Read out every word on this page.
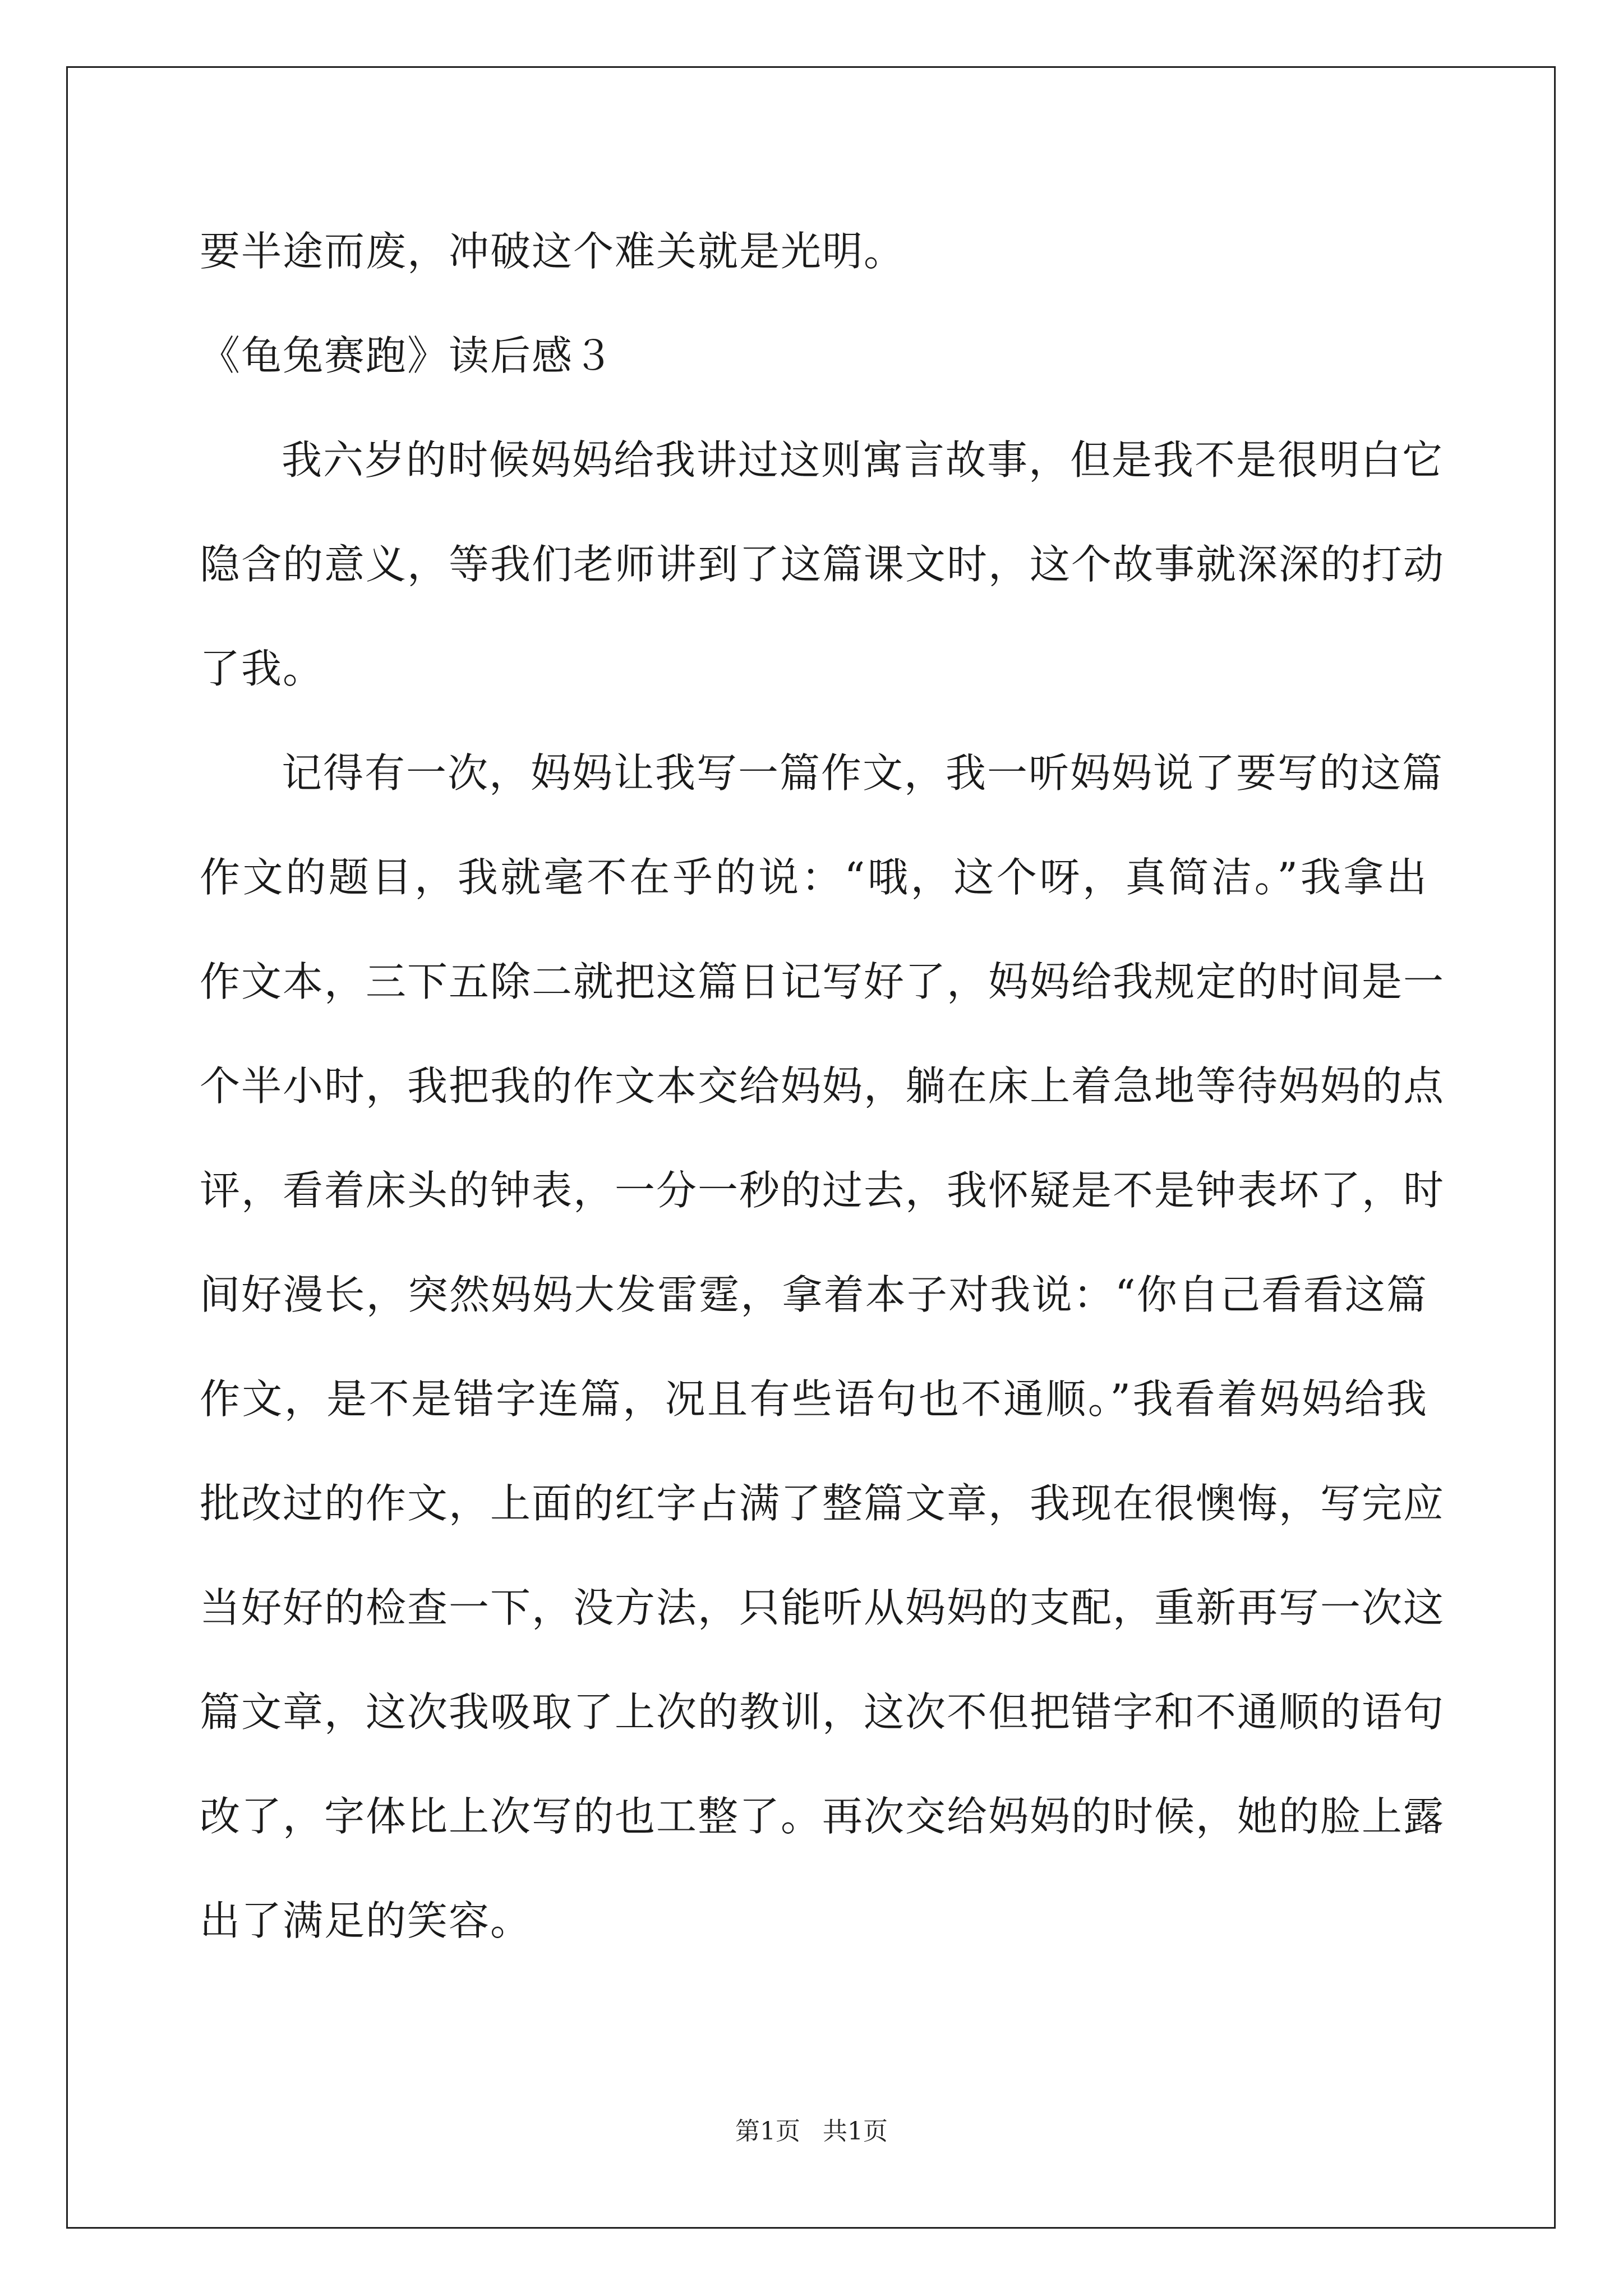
要半途而废，冲破这个难关就是光明。
《龟兔赛跑》读后感３
我六岁的时候妈妈给我讲过这则寓言故事，但是我不是很明白它
隐含的意义，等我们老师讲到了这篇课文时，这个故事就深深的打动
了我。
记得有一次，妈妈让我写一篇作文，我一听妈妈说了要写的这篇
作文的题目，我就毫不在乎的说：“哦，这个呀，真简洁。”我拿出
作文本，三下五除二就把这篇日记写好了，妈妈给我规定的时间是一
个半小时，我把我的作文本交给妈妈，躺在床上着急地等待妈妈的点
评，看着床头的钟表，一分一秒的过去，我怀疑是不是钟表坏了，时
间好漫长，突然妈妈大发雷霆，拿着本子对我说：“你自己看看这篇
作文，是不是错字连篇，况且有些语句也不通顺。”我看着妈妈给我
批改过的作文，上面的红字占满了整篇文章，我现在很懊悔，写完应
当好好的检查一下，没方法，只能听从妈妈的支配，重新再写一次这
篇文章，这次我吸取了上次的教训，这次不但把错字和不通顺的语句
改了，字体比上次写的也工整了。再次交给妈妈的时候，她的脸上露
出了满足的笑容。
第1页 共1页
